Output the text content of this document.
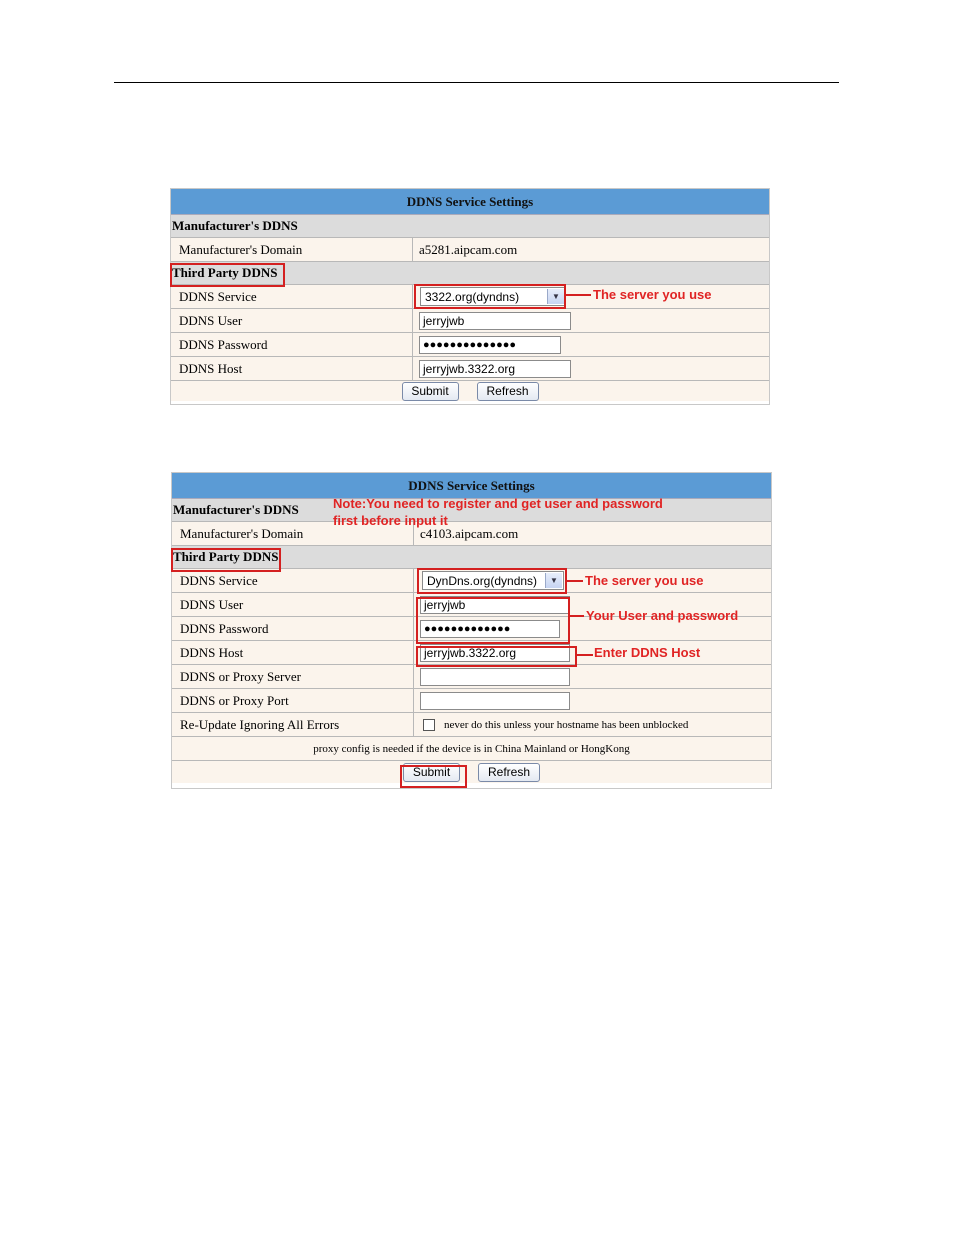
DDNS Service Settings
Manufacturer's DDNS
Manufacturer's Domain	a5281.aipcam.com
Third Party DDNS
DDNS Service	3322.org(dyndns)	▼
DDNS User	jerryjwb
DDNS Password	●●●●●●●●●●●●●●
DDNS Host	jerryjwb.3322.org
Submit	Refresh
The server you use
DDNS Service Settings
Manufacturer's DDNS
Manufacturer's Domain	c4103.aipcam.com
Third Party DDNS
DDNS Service	DynDns.org(dyndns)	▼
DDNS User	jerryjwb
DDNS Password	●●●●●●●●●●●●●
DDNS Host	jerryjwb.3322.org
DDNS or Proxy Server
DDNS or Proxy Port
Re-Update Ignoring All Errors	never do this unless your hostname has been unblocked
proxy config is needed if the device is in China Mainland or HongKong
Submit	Refresh
Note:You need to register and get user and password
first before input it
The server you use
Your User and password
Enter DDNS Host
